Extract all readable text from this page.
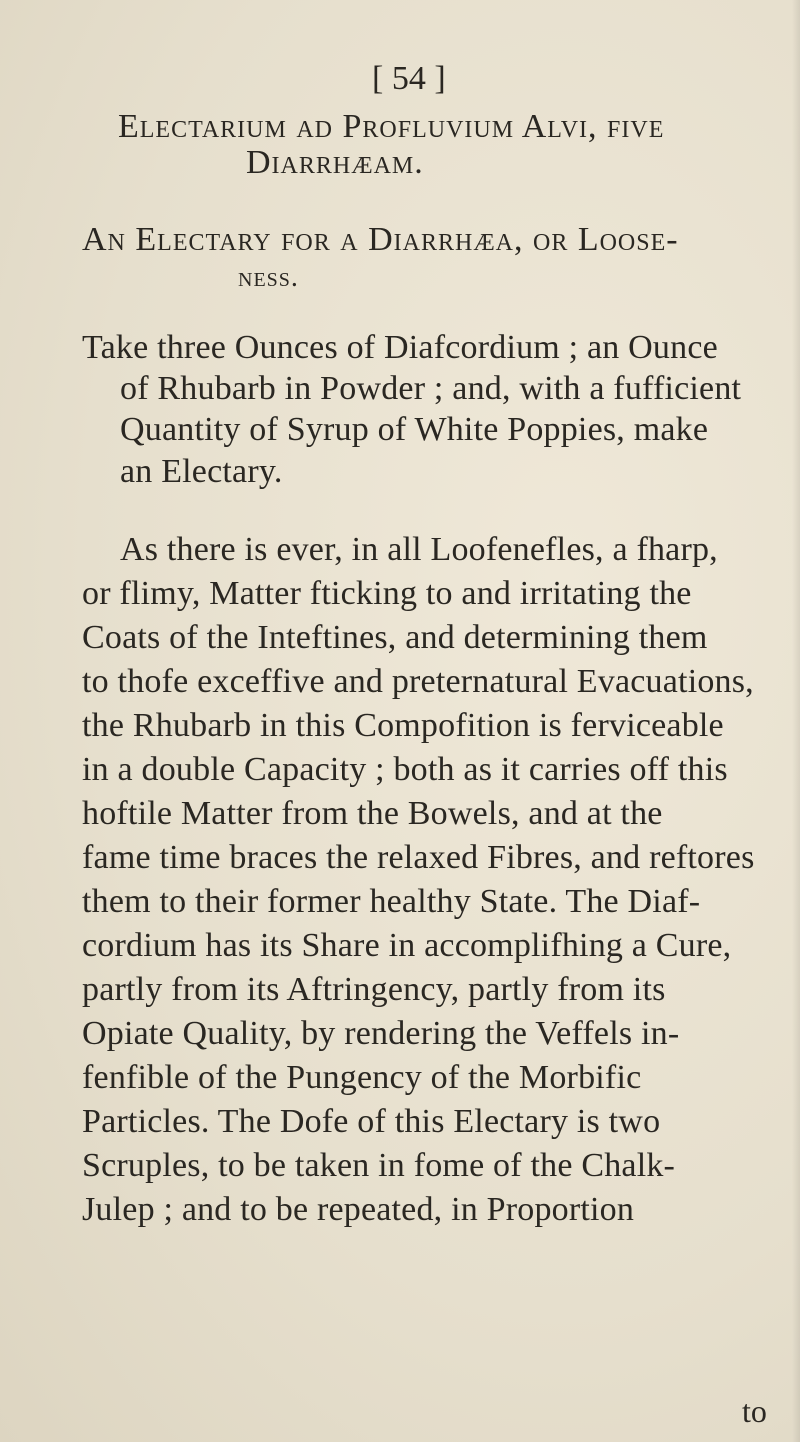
[ 54 ]
Electarium ad Profluvium Alvi, five
Diarrhæam.
An Electary for a Diarrhæa, or Loose-
ness.
Take three Ounces of Diafcordium ; an Ounce
of Rhubarb in Powder ; and, with a fufficient
Quantity of Syrup of White Poppies, make
an Electary.
As there is ever, in all Loofenefles, a fharp,
or flimy, Matter fticking to and irritating the
Coats of the Inteftines, and determining them
to thofe exceffive and preternatural Evacuations,
the Rhubarb in this Compofition is ferviceable
in a double Capacity ; both as it carries off this
hoftile Matter from the Bowels, and at the
fame time braces the relaxed Fibres, and reftores
them to their former healthy State. The Diaf-
cordium has its Share in accomplifhing a Cure,
partly from its Aftringency, partly from its
Opiate Quality, by rendering the Veffels in-
fenfible of the Pungency of the Morbific
Particles. The Dofe of this Electary is two
Scruples, to be taken in fome of the Chalk-
Julep ; and to be repeated, in Proportion
to
